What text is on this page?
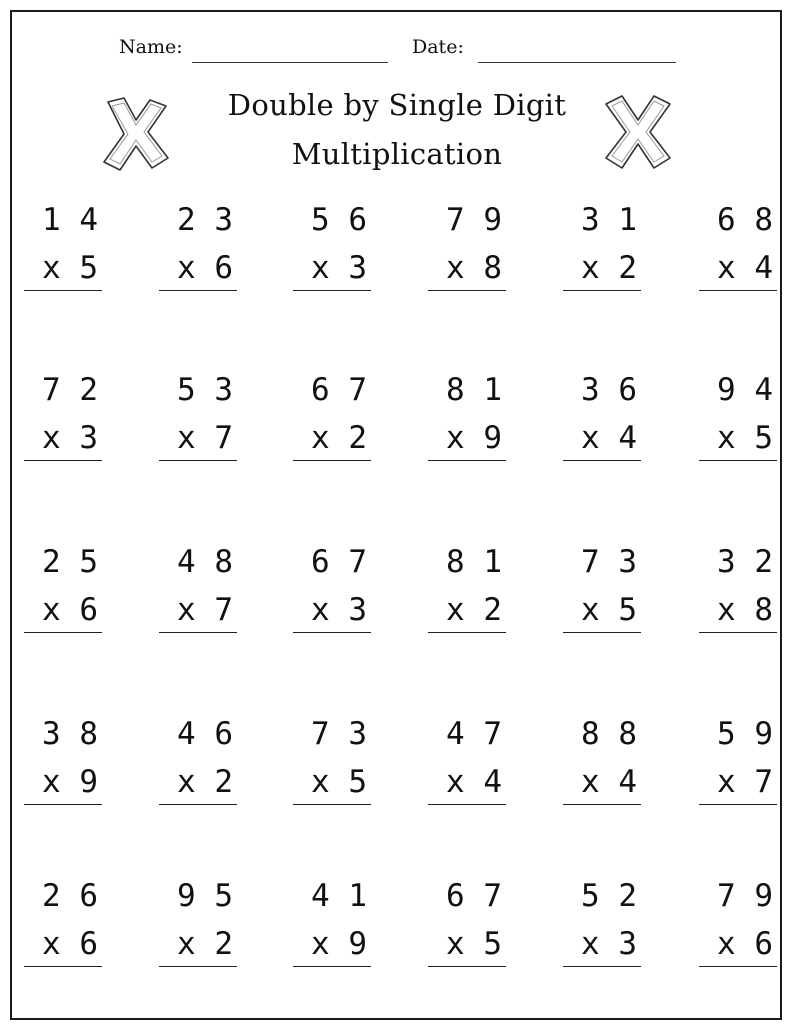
Name:	Date:
Double by Single Digit
Multiplication
1 4
x 5
2 3
x 6
5 6
x 3
7 9
x 8
3 1
x 2
6 8
x 4
7 2
x 3
5 3
x 7
6 7
x 2
8 1
x 9
3 6
x 4
9 4
x 5
2 5
x 6
4 8
x 7
6 7
x 3
8 1
x 2
7 3
x 5
3 2
x 8
3 8
x 9
4 6
x 2
7 3
x 5
4 7
x 4
8 8
x 4
5 9
x 7
2 6
x 6
9 5
x 2
4 1
x 9
6 7
x 5
5 2
x 3
7 9
x 6
